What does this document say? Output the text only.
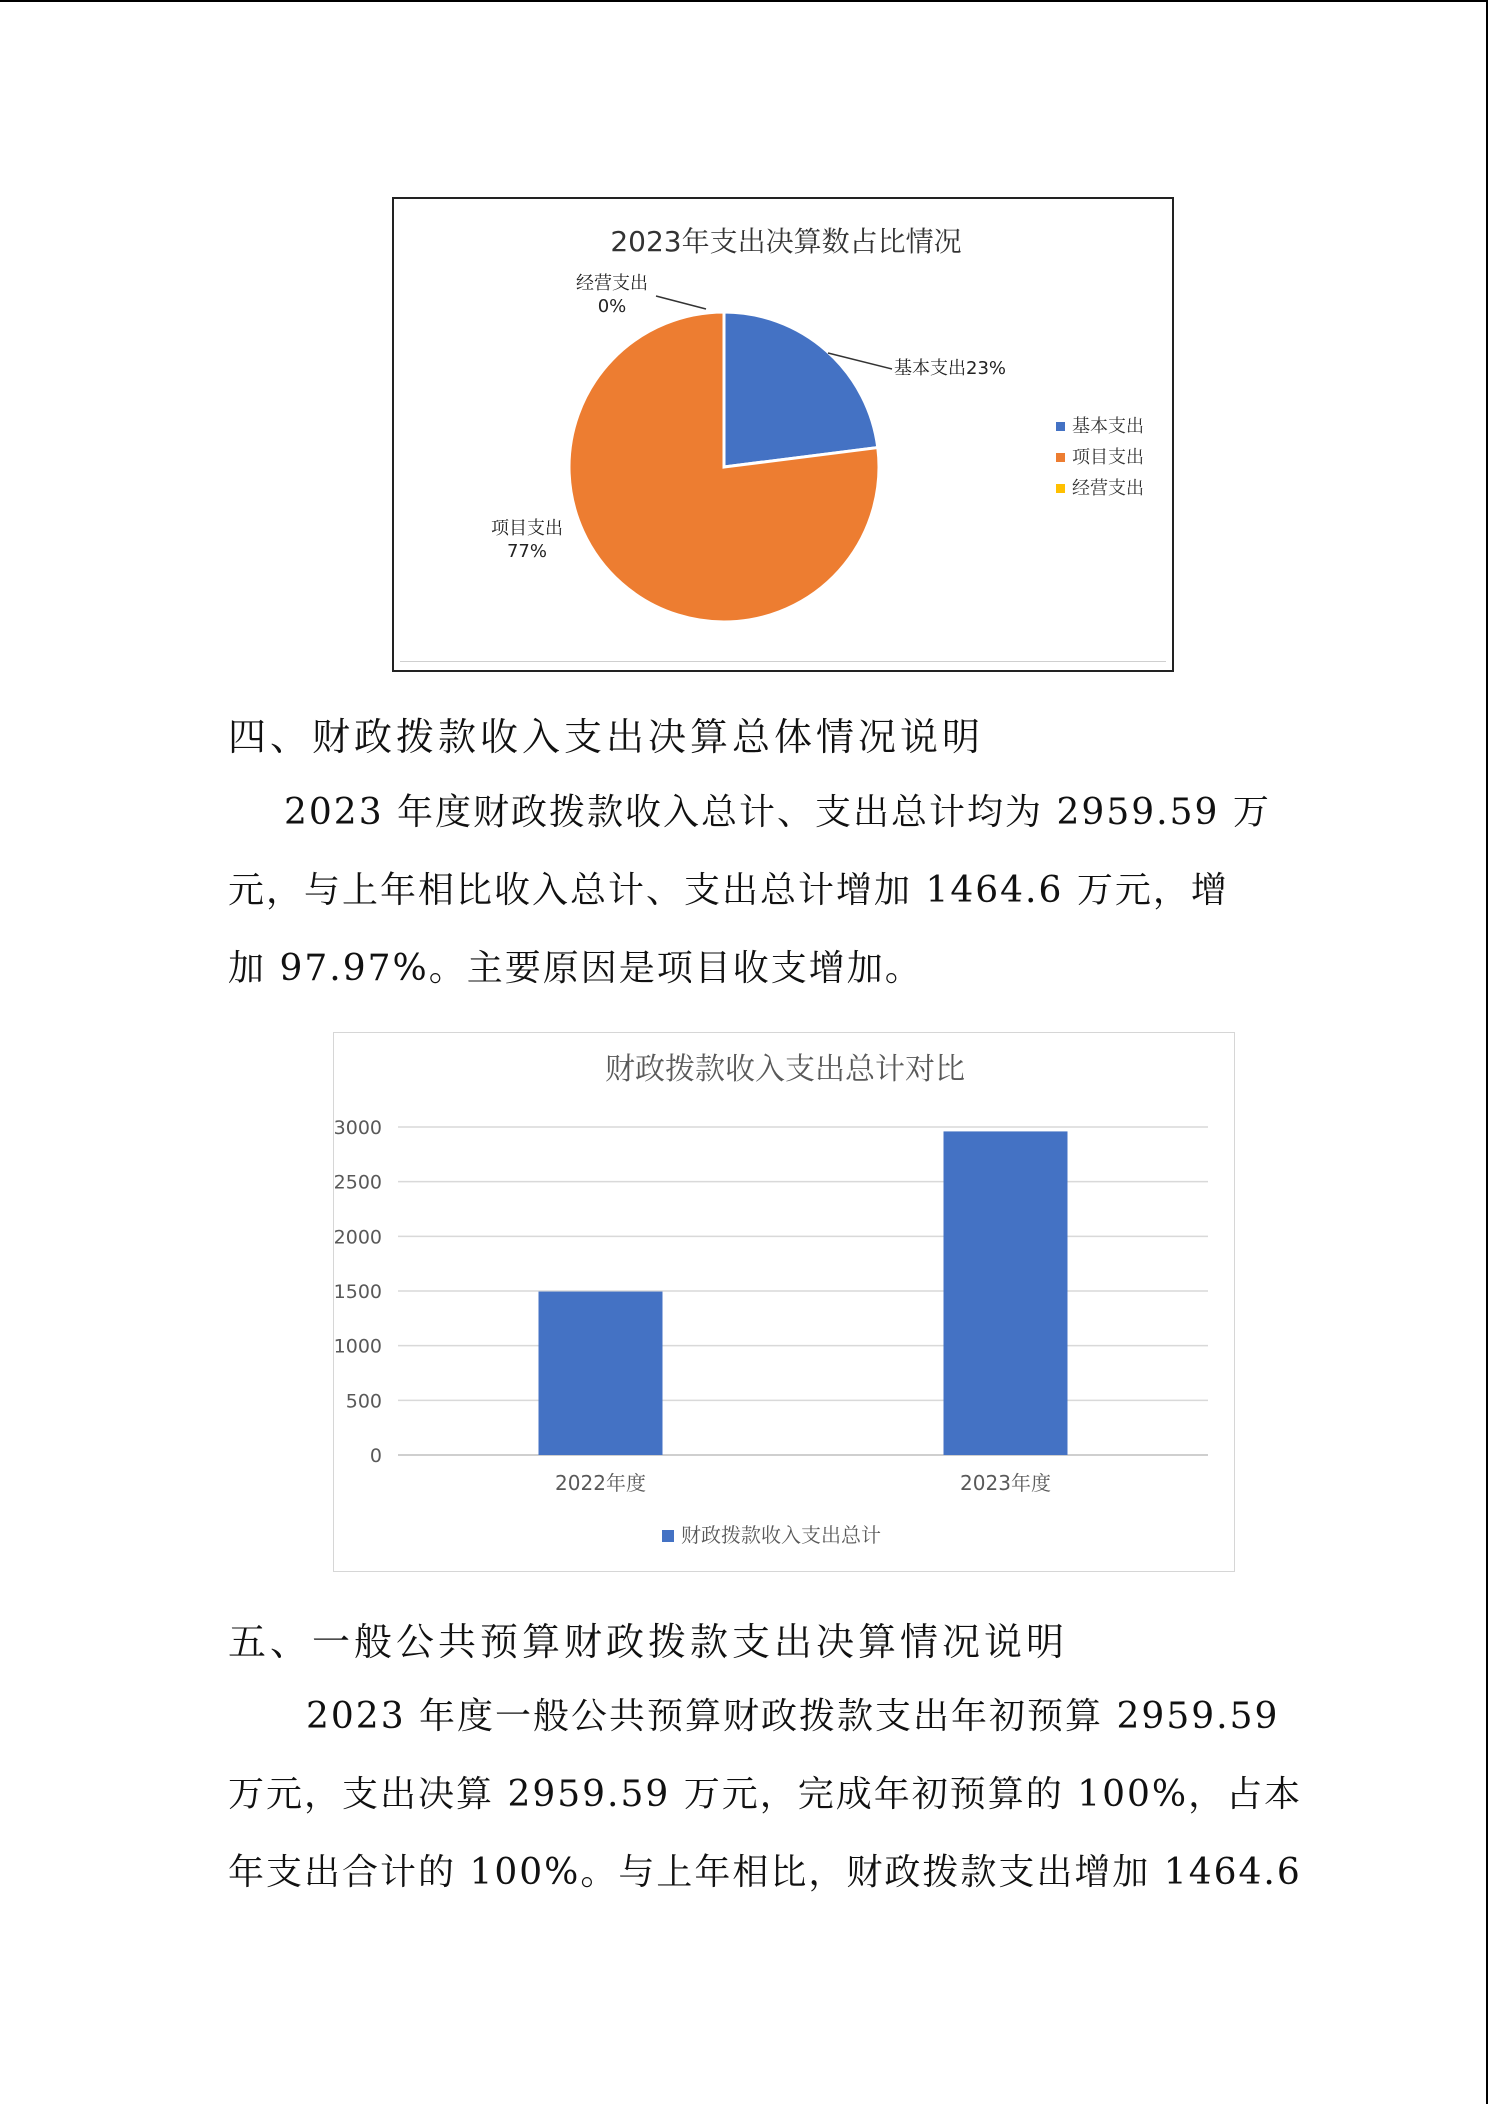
2023年支出决算数占比情况
经营支出
0%
基本支出23%
项目支出
77%
基本支出
项目支出
经营支出
四、财政拨款收入支出决算总体情况说明
2023 年度财政拨款收入总计、支出总计均为 2959.59 万
元，与上年相比收入总计、支出总计增加 1464.6 万元，增
加 97.97%。主要原因是项目收支增加。
财政拨款收入支出总计对比
3000
2500
2000
1500
1000
500
0
2022年度	2023年度
财政拨款收入支出总计
五、一般公共预算财政拨款支出决算情况说明
2023 年度一般公共预算财政拨款支出年初预算 2959.59
万元，支出决算 2959.59 万元，完成年初预算的 100%，占本
年支出合计的 100%。与上年相比，财政拨款支出增加 1464.6
